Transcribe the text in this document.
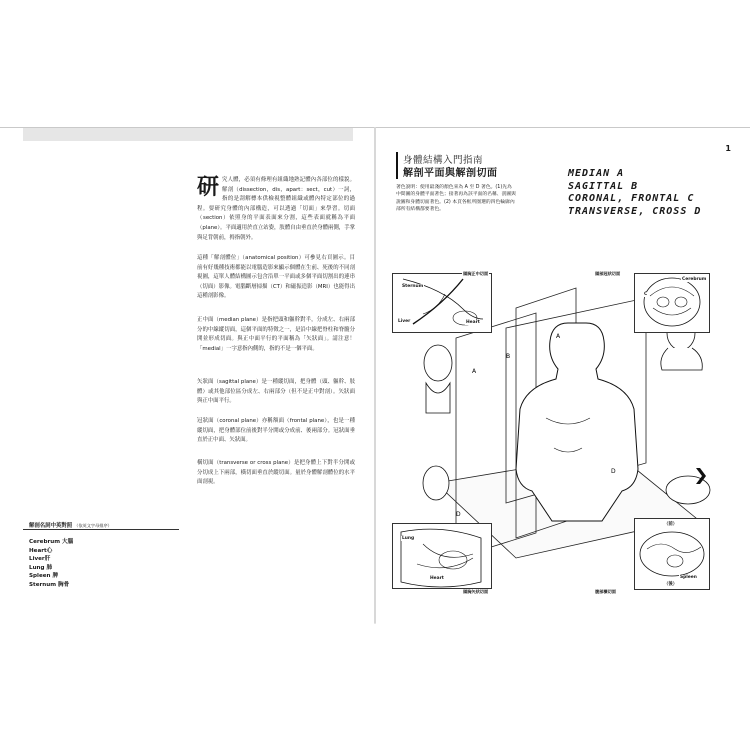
研 究人體，必須有條理有組織地熟記體內各部位的樣貌。解剖（dissection，dis，apart：sect，cut）一詞，指的是刮解標本供檢視整體組織或體內特定部位的過程。要研究身體的內部構造，可以透過「切面」來學習。切面（section）依照身的平面表面來分割，這些表面就稱為平面（plane）。平面適用於直立站姿，肢體自由垂直於身體兩側，手掌與足背朝前，拇指朝外。

這種「解剖體位」（anatomical position）可參見右頁圖示。目前有好幾種技術都能以電腦造影來顯示個體在生前、死後的不同剖視圖，這單人體結構圖示包含沿單一平面或多個平面切割出的連串（切面）影像。電腦斷層掃描（CT）和磁振造影（MRI）也能得出這種剖影像。

正中面（median plane）是指把頭和軀幹對半，分成左、右兩部分的中線縱切面，這個平面的特徵之一，是沿中線把脊柱和脊髓分開並形成切面。與正中面平行的平面稱為「矢狀面」。請注意！「medial」一字意指內側的，指的不是一個平面。

矢狀面（sagittal plane）是一種縱切面，把身體（頭、軀幹、肢體）或其他部位區分成左、右兩部分（但不是正中對剖）。矢狀面與正中面平行。

冠狀面（coronal plane）亦稱額面（frontal plane），也是一種縱切面，把身體部位前後對半分開或分成前、後兩部分。冠狀面垂直於正中面、矢狀面。

橫切面（transverse or cross plane）是把身體上下對半分開或分切成上下兩部，橫切面垂直於縱切面。量於身體解剖體位的水平面剖視。

解剖名詞中英對照 （依英文字母排序）
Cerebrum 大腦
Heart心
Liver肝
Lung 肺
Spleen 脾
Sternum 胸骨
1
身體結構入門指南
解剖平面與解剖切面
著色說明：使用最淺的顏色來為 A 至 D 著色。(1)先為中間圖的身體平面著色；接著再為該平面的名稱、剖圖與說圖和身體切面著色。(2) 本頁各框所圈選的四色輪廓內部所有結構都要著色。
MEDIAN A
SAGITTAL B
CORONAL, FRONTAL C
TRANSVERSE, CROSS D
A
A
B
D
D
Sternum
Liver	Heart
頭胸正中切面
Cerebrum
C
頭部冠狀切面
Lung
Heart
頭胸矢狀切面
（前）
Spleen
（後）
腹部橫切面
